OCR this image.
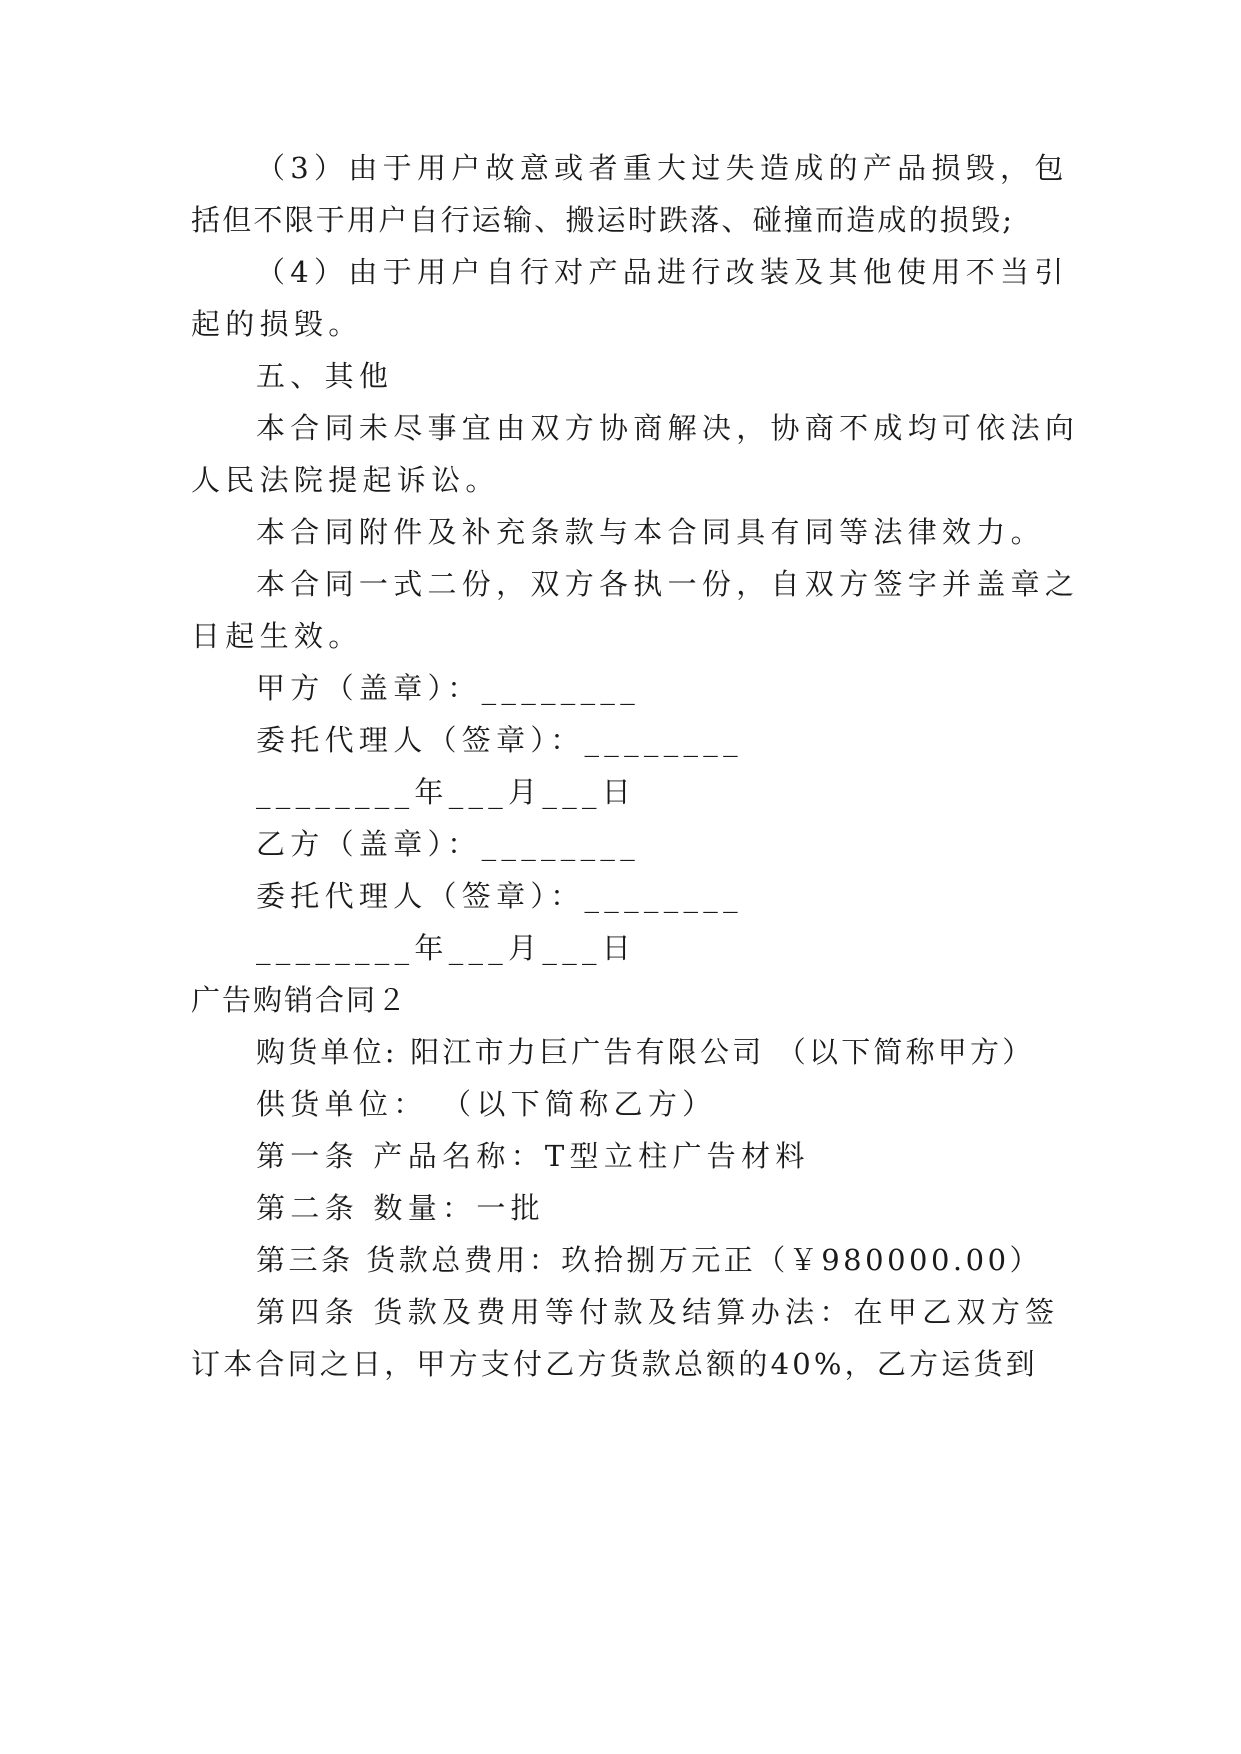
（3）由于用户故意或者重大过失造成的产品损毁，包
括但不限于用户自行运输、搬运时跌落、碰撞而造成的损毁;
（4）由于用户自行对产品进行改装及其他使用不当引
起的损毁。
五、其他
本合同未尽事宜由双方协商解决，协商不成均可依法向
人民法院提起诉讼。
本合同附件及补充条款与本合同具有同等法律效力。
本合同一式二份，双方各执一份，自双方签字并盖章之
日起生效。
甲方（盖章）：________
委托代理人（签章）：________
________年___月___日
乙方（盖章）：________
委托代理人（签章）：________
________年___月___日
广告购销合同２
购货单位: 阳江市力巨广告有限公司 （以下简称甲方）
供货单位： （以下简称乙方）
第一条 产品名称：T型立柱广告材料
第二条 数量：一批
第三条 货款总费用：玖拾捌万元正（￥980000.00）
第四条 货款及费用等付款及结算办法：在甲乙双方签
订本合同之日，甲方支付乙方货款总额的40%，乙方运货到
